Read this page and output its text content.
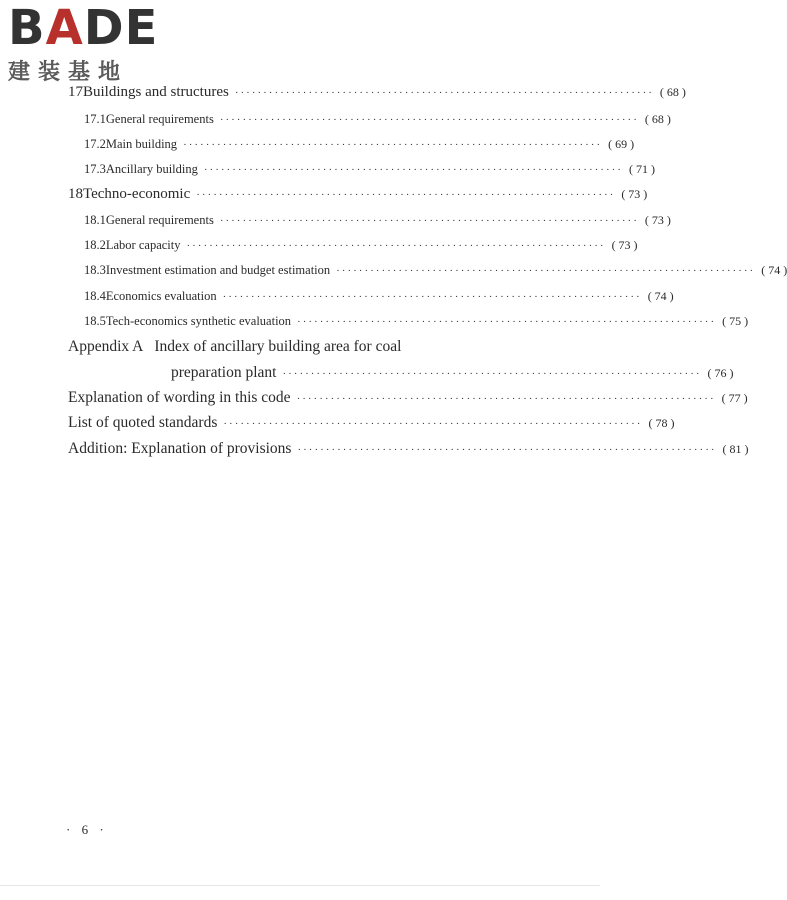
BADE
建装基地
17 Buildings and structures ·········································································· ( 68 )
17.1 General requirements ·········································································· ( 68 )
17.2 Main building ·········································································· ( 69 )
17.3 Ancillary building ·········································································· ( 71 )
18 Techno-economic ·········································································· ( 73 )
18.1 General requirements ·········································································· ( 73 )
18.2 Labor capacity ·········································································· ( 73 )
18.3 Investment estimation and budget estimation ·········································································· ( 74 )
18.4 Economics evaluation ·········································································· ( 74 )
18.5 Tech-economics synthetic evaluation ·········································································· ( 75 )
Appendix A Index of ancillary building area for coal
preparation plant ·········································································· ( 76 )
Explanation of wording in this code ·········································································· ( 77 )
List of quoted standards ·········································································· ( 78 )
Addition: Explanation of provisions ·········································································· ( 81 )
· 6 ·
